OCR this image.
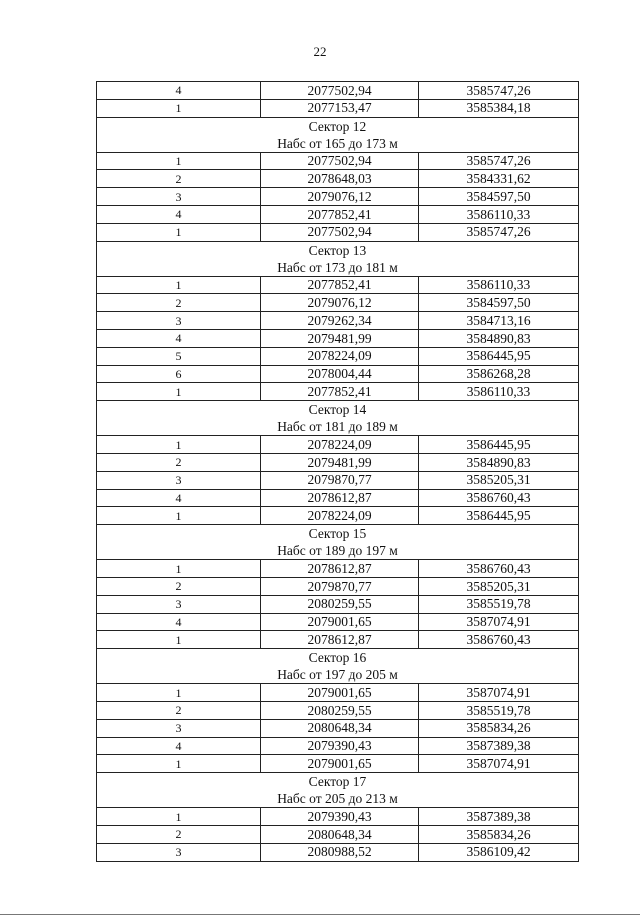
22
4	2077502,94	3585747,26
1	2077153,47	3585384,18

Сектор 12
Набс от 165 до 173 м		

1	2077502,94	3585747,26
2	2078648,03	3584331,62
3	2079076,12	3584597,50
4	2077852,41	3586110,33
1	2077502,94	3585747,26

Сектор 13
Набс от 173 до 181 м		

1	2077852,41	3586110,33
2	2079076,12	3584597,50
3	2079262,34	3584713,16
4	2079481,99	3584890,83
5	2078224,09	3586445,95
6	2078004,44	3586268,28
1	2077852,41	3586110,33

Сектор 14
Набс от 181 до 189 м		

1	2078224,09	3586445,95
2	2079481,99	3584890,83
3	2079870,77	3585205,31
4	2078612,87	3586760,43
1	2078224,09	3586445,95

Сектор 15
Набс от 189 до 197 м		

1	2078612,87	3586760,43
2	2079870,77	3585205,31
3	2080259,55	3585519,78
4	2079001,65	3587074,91
1	2078612,87	3586760,43

Сектор 16
Набс от 197 до 205 м		

1	2079001,65	3587074,91
2	2080259,55	3585519,78
3	2080648,34	3585834,26
4	2079390,43	3587389,38
1	2079001,65	3587074,91

Сектор 17
Набс от 205 до 213 м		

1	2079390,43	3587389,38
2	2080648,34	3585834,26
3	2080988,52	3586109,42
